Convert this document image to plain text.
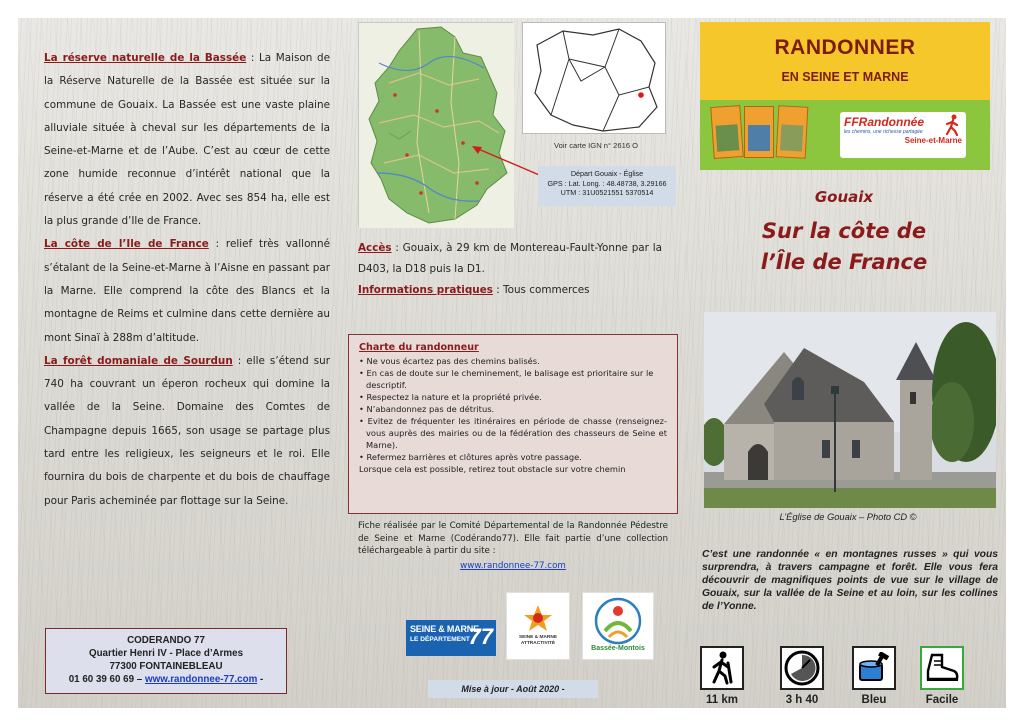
La réserve naturelle de la Bassée : La Maison de la Réserve Naturelle de la Bassée est située sur la commune de Gouaix. La Bassée est une vaste plaine alluviale située à cheval sur les départements de la Seine-et-Marne et de l’Aube. C’est au cœur de cette zone humide reconnue d’intérêt national que la réserve a été crée en 2002. Avec ses 854 ha, elle est la plus grande d’Ile de France.

La côte de l’Ile de France : relief très vallonné s’étalant de la Seine-et-Marne à l’Aisne en passant par la Marne. Elle comprend la côte des Blancs et la montagne de Reims et culmine dans cette dernière au mont Sinaï à 288m d’altitude.

La forêt domaniale de Sourdun : elle s’étend sur 740 ha couvrant un éperon rocheux qui domine la vallée de la Seine. Domaine des Comtes de Champagne depuis 1665, son usage se partage plus tard entre les religieux, les seigneurs et le roi. Elle fournira du bois de charpente et du bois de chauffage pour Paris acheminée par flottage sur la Seine.

CODERANDO 77
Quartier Henri IV - Place d’Armes
77300 FONTAINEBLEAU
01 60 39 60 69 – www.randonnee-77.com -
Voir carte IGN n° 2616 O
Départ Gouaix - Église
GPS : Lat. Long. : 48.48738, 3.29166
UTM : 31U0521551 5370514
Accès : Gouaix, à 29 km de Montereau-Fault-Yonne par la D403, la D18 puis la D1.
Informations pratiques : Tous commerces
Charte du randonneur
• Ne vous écartez pas des chemins balisés.
• En cas de doute sur le cheminement, le balisage est prioritaire sur le descriptif.
• Respectez la nature et la propriété privée.
• N’abandonnez pas de détritus.
• Evitez de fréquenter les itinéraires en période de chasse (renseignez-vous auprès des mairies ou de la fédération des chasseurs de Seine et Marne).
• Refermez barrières et clôtures après votre passage.
Lorsque cela est possible, retirez tout obstacle sur votre chemin
Fiche réalisée par le Comité Départemental de la Randonnée Pédestre de Seine et Marne (Codérando77). Elle fait partie d’une collection téléchargeable à partir du site :
www.randonnee-77.com
SEINE & MARNE
LE DÉPARTEMENT
77	SEINE & MARNE ATTRACTIVITÉ
Bassée-Montois
Mise à jour - Août 2020 -
RANDONNER
EN SEINE ET MARNE
FFRandonnée
les chemins, une richesse partagée
Seine-et-Marne
Gouaix
Sur la côte de
l’Île de France
L’Église de Gouaix – Photo CD ©
C’est une randonnée « en montagnes russes » qui vous surprendra, à travers campagne et forêt. Elle vous fera découvrir de magnifiques points de vue sur le village de Gouaix, sur la vallée de la Seine et au loin, sur les collines de l’Yonne.
11 km	3 h 40	Bleu	Facile
